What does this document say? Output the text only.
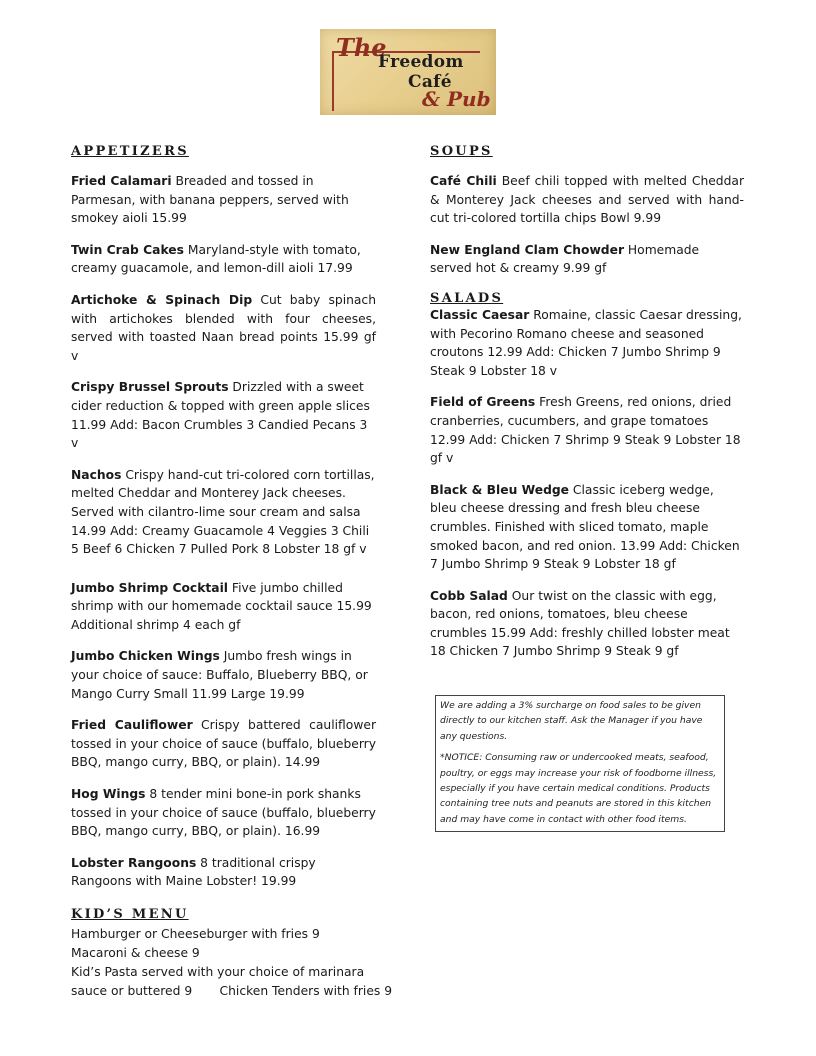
The
Freedom
Café
& Pub
APPETIZERS

Fried Calamari Breaded and tossed in Parmesan, with banana peppers, served with smokey aioli 15.99

Twin Crab Cakes Maryland-style with tomato, creamy guacamole, and lemon-dill aioli 17.99

Artichoke & Spinach Dip Cut baby spinach with artichokes blended with four cheeses, served with toasted Naan bread points 15.99 gf v

Crispy Brussel Sprouts Drizzled with a sweet cider reduction & topped with green apple slices 11.99 Add: Bacon Crumbles 3 Candied Pecans 3 v

Nachos Crispy hand-cut tri-colored corn tortillas, melted Cheddar and Monterey Jack cheeses. Served with cilantro-lime sour cream and salsa 14.99 Add: Creamy Guacamole 4 Veggies 3 Chili 5 Beef 6 Chicken 7 Pulled Pork 8 Lobster 18 gf v

Jumbo Shrimp Cocktail Five jumbo chilled shrimp with our homemade cocktail sauce 15.99 Additional shrimp 4 each gf

Jumbo Chicken Wings Jumbo fresh wings in your choice of sauce: Buffalo, Blueberry BBQ, or Mango Curry Small 11.99 Large 19.99

Fried Cauliflower Crispy battered cauliflower tossed in your choice of sauce (buffalo, blueberry BBQ, mango curry, BBQ, or plain). 14.99

Hog Wings 8 tender mini bone-in pork shanks tossed in your choice of sauce (buffalo, blueberry BBQ, mango curry, BBQ, or plain). 16.99

Lobster Rangoons 8 traditional crispy Rangoons with Maine Lobster! 19.99

KID’S MENU
Hamburger or Cheeseburger with fries 9
Macaroni & cheese 9
Kid’s Pasta served with your choice of marinara
sauce or buttered 9       Chicken Tenders with fries 9
SOUPS

Café Chili Beef chili topped with melted Cheddar & Monterey Jack cheeses and served with hand-cut tri-colored tortilla chips Bowl 9.99

New England Clam Chowder Homemade served hot & creamy 9.99 gf

SALADS

Classic Caesar Romaine, classic Caesar dressing, with Pecorino Romano cheese and seasoned croutons 12.99 Add: Chicken 7 Jumbo Shrimp 9 Steak 9 Lobster 18 v

Field of Greens Fresh Greens, red onions, dried cranberries, cucumbers, and grape tomatoes 12.99 Add: Chicken 7 Shrimp 9 Steak 9 Lobster 18 gf v

Black & Bleu Wedge Classic iceberg wedge, bleu cheese dressing and fresh bleu cheese crumbles. Finished with sliced tomato, maple smoked bacon, and red onion. 13.99 Add: Chicken 7 Jumbo Shrimp 9 Steak 9 Lobster 18 gf

Cobb Salad Our twist on the classic with egg, bacon, red onions, tomatoes, bleu cheese crumbles 15.99 Add: freshly chilled lobster meat 18 Chicken 7 Jumbo Shrimp 9 Steak 9 gf

We are adding a 3% surcharge on food sales to be given directly to our kitchen staff. Ask the Manager if you have any questions.

*NOTICE: Consuming raw or undercooked meats, seafood, poultry, or eggs may increase your risk of foodborne illness, especially if you have certain medical conditions. Products containing tree nuts and peanuts are stored in this kitchen and may have come in contact with other food items.
